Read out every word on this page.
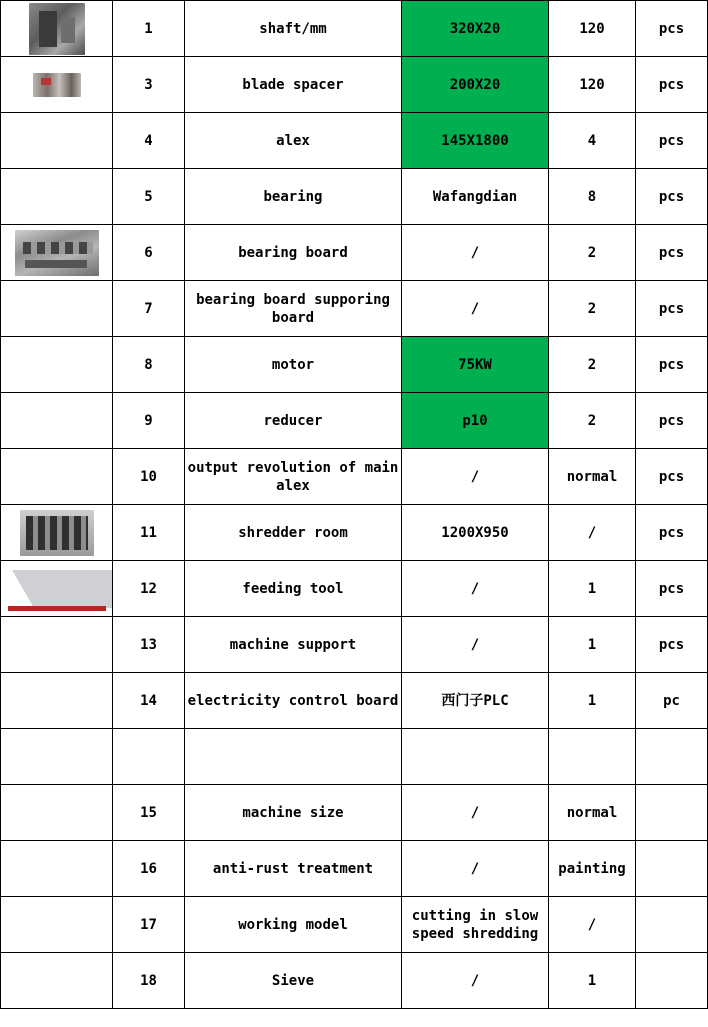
	1	shaft/mm	320X20	120	pcs

	3	blade spacer	200X20	120	pcs
	4	alex	145X1800	4	pcs
	5	bearing	Wafangdian	8	pcs

	6	bearing board	/	2	pcs
	7	bearing board supporing board	/	2	pcs
	8	motor	75KW	2	pcs
	9	reducer	p10	2	pcs
	10	output revolution of main alex	/	normal	pcs

	11	shredder room	1200X950	/	pcs

	12	feeding tool	/	1	pcs
	13	machine support	/	1	pcs
	14	electricity control board	西门子PLC	1	pc

	15	machine size	/	normal	
	16	anti-rust treatment	/	painting	
	17	working model	cutting in slow speed shredding	/	
	18	Sieve	/	1	
